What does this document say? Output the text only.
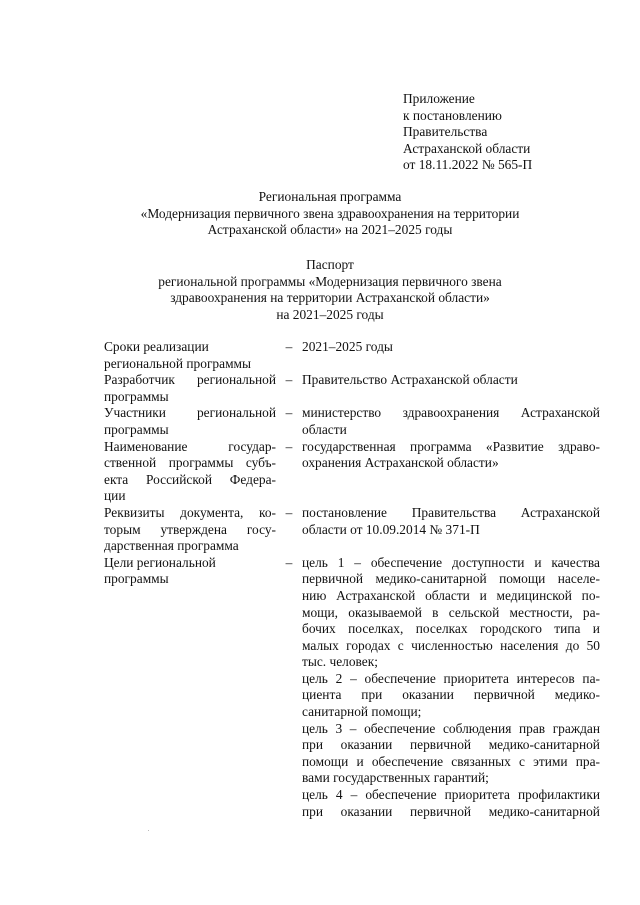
Приложение
к постановлению
Правительства
Астраханской области
от 18.11.2022 № 565-П
Региональная программа
«Модернизация первичного звена здравоохранения на территории
Астраханской области» на 2021–2025 годы
Паспорт
региональной программы «Модернизация первичного звена
здравоохранения на территории Астраханской области»
на 2021–2025 годы
Сроки реализации
региональной программы
– 2021–2025 годы
Разработчик региональной
программы
– Правительство Астраханской области
Участники региональной
программы
– министерство здравоохранения Астраханской
области
Наименование	государ-
ственной программы субъ-
екта Российской Федера-
ции
– государственная программа «Развитие здраво-
охранения Астраханской области»
Реквизиты документа, ко-
торым утверждена госу-
дарственная программа
– постановление Правительства Астраханской
области от 10.09.2014 № 371-П
Цели региональной
программы
– цель 1 – обеспечение доступности и качества
первичной медико-санитарной помощи населе-
нию Астраханской области и медицинской по-
мощи, оказываемой в сельской местности, ра-
бочих поселках, поселках городского типа и
малых городах с численностью населения до 50
тыс. человек;
цель 2 – обеспечение приоритета интересов па-
циента при оказании первичной медико-
санитарной помощи;
цель 3 – обеспечение соблюдения прав граждан
при оказании первичной медико-санитарной
помощи и обеспечение связанных с этими пра-
вами государственных гарантий;
цель 4 – обеспечение приоритета профилактики
при оказании первичной медико-санитарной
